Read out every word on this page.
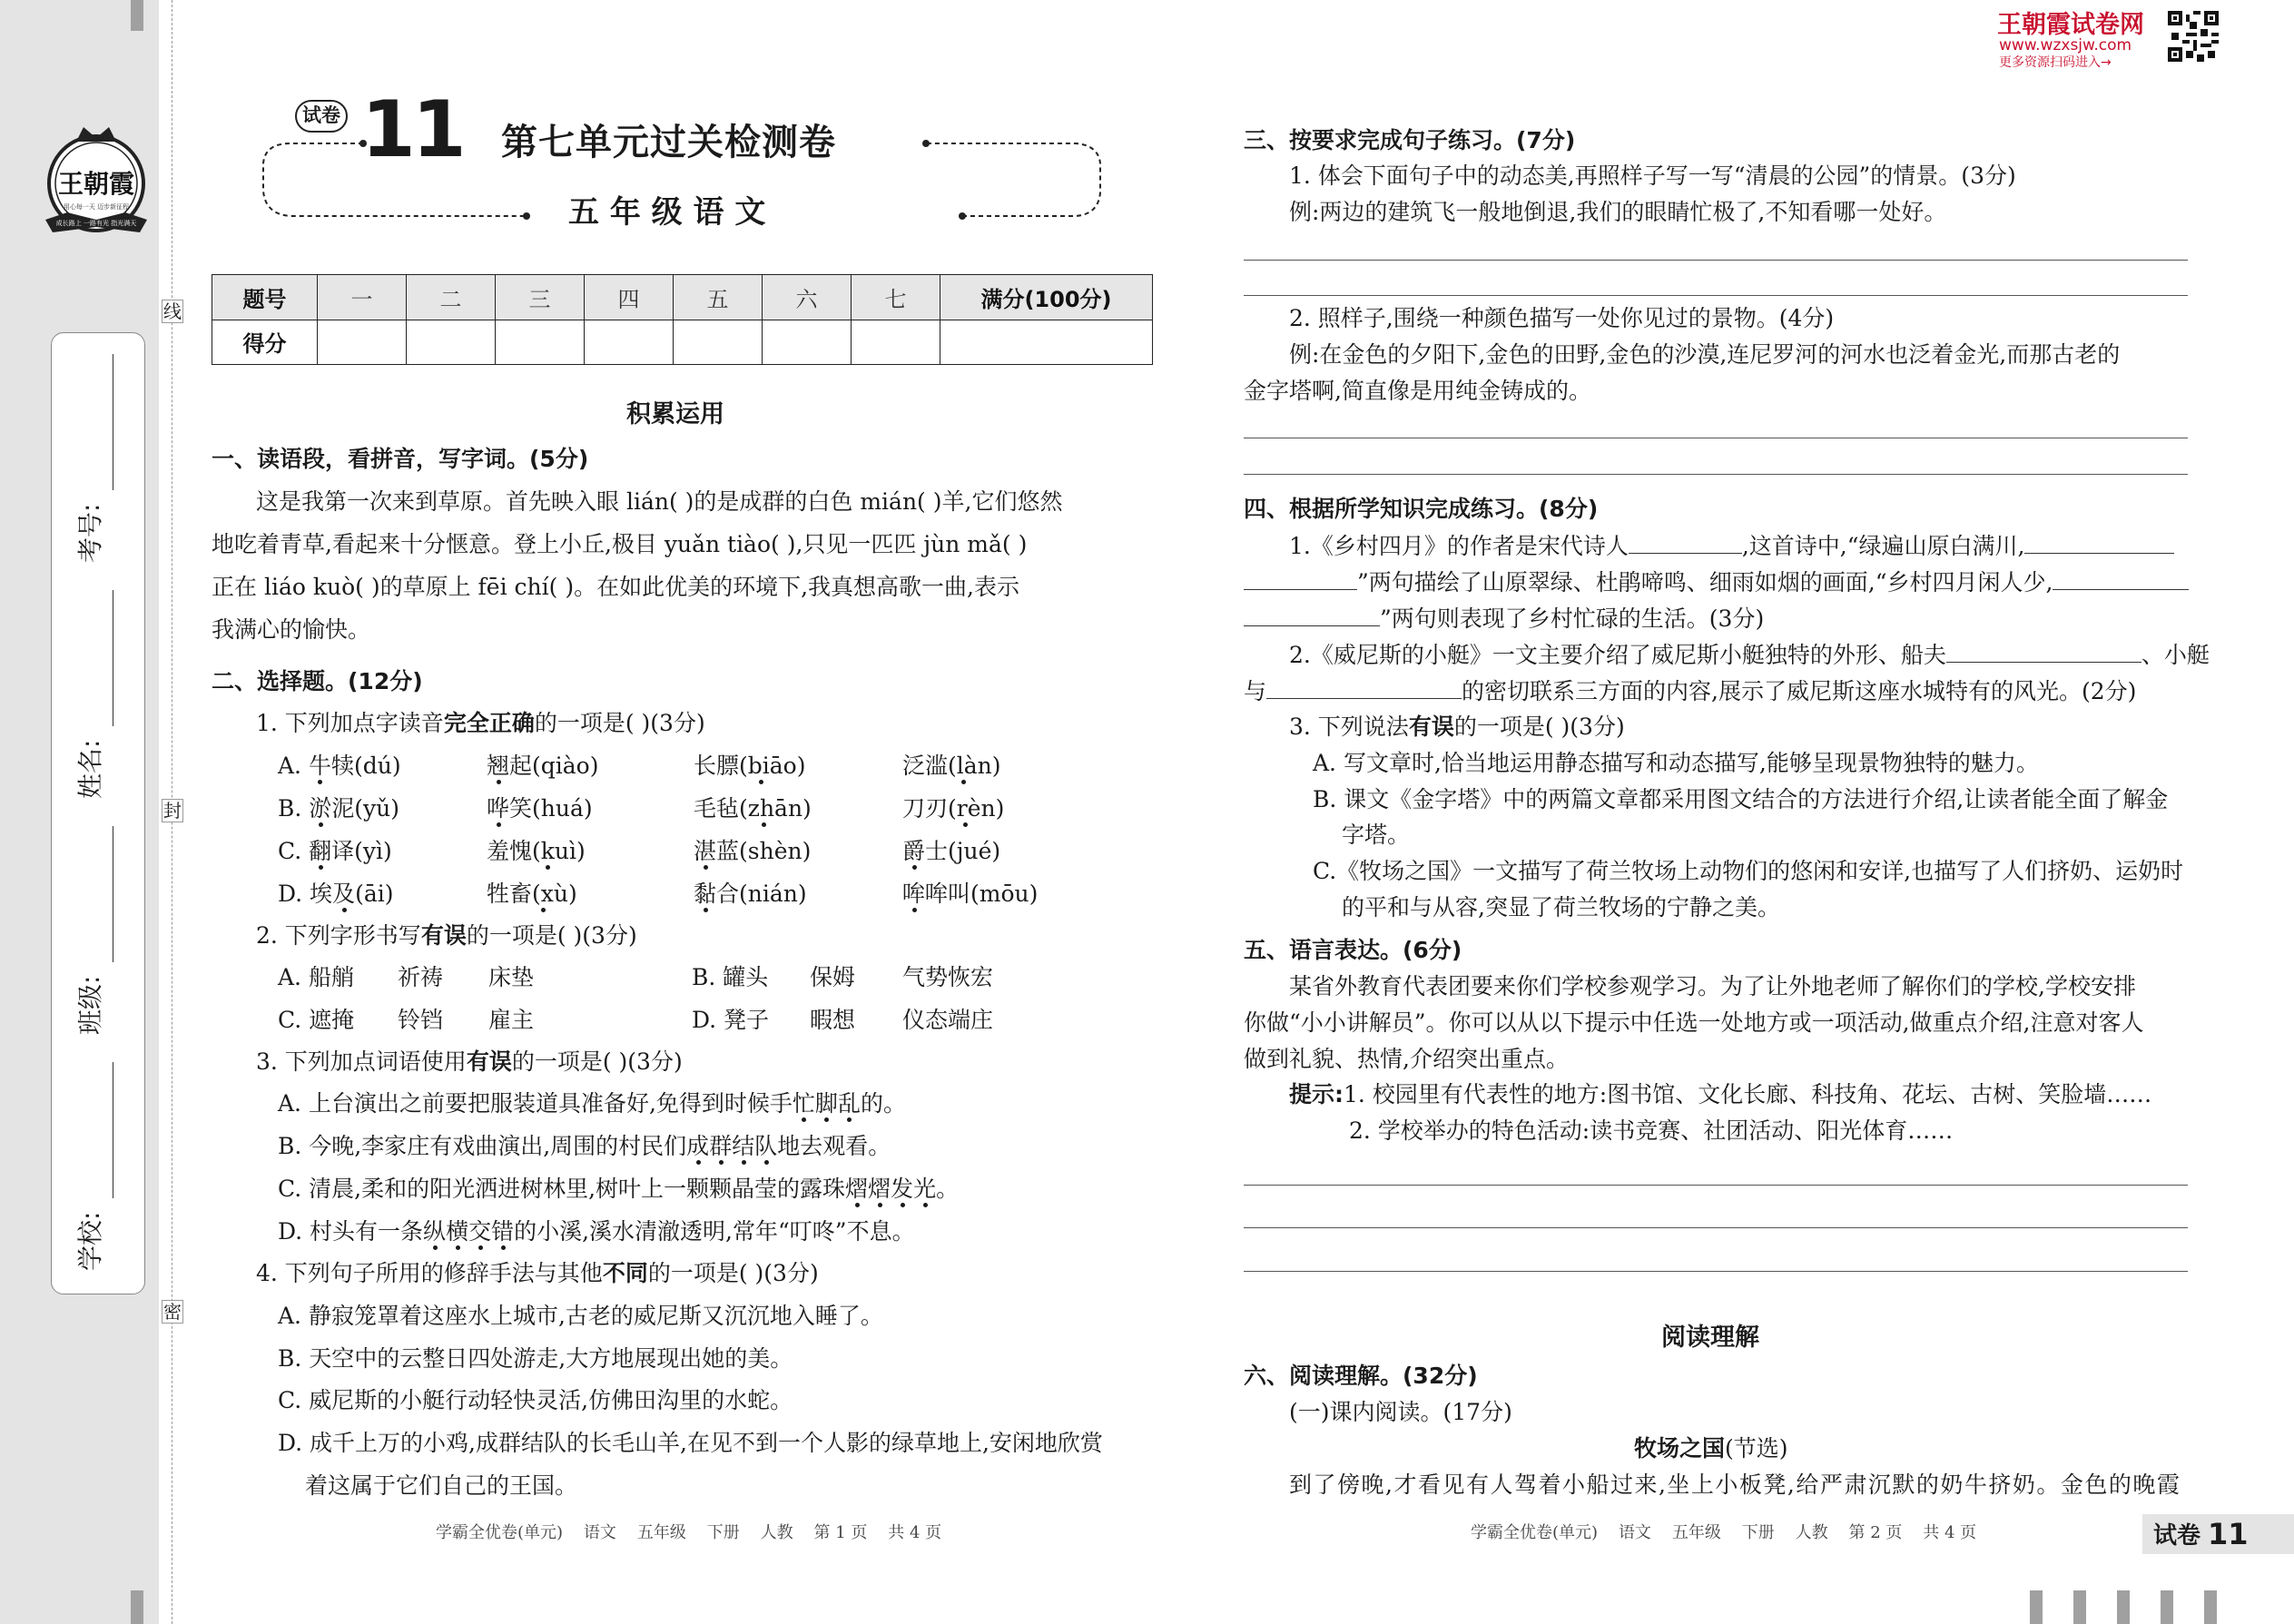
线
封
密
学校:
班级:
姓名:
考号:
王朝霞
用心每一天 迈步新征程
成长路上 一路有光 指光满天
王朝霞试卷网
www.wzxsjw.com
更多资源扫码进入→
试卷 11 第七单元过关检测卷
五 年 级 语 文
题号	一	二	三	四	五	六	七	满分(100分)
得分								
积累运用
一、读语段，看拼音，写字词。(5分)
这是我第一次来到草原。首先映入眼 lián( )的是成群的白色 mián( )羊,它们悠然
地吃着青草,看起来十分惬意。登上小丘,极目 yuǎn tiào( ),只见一匹匹 jùn mǎ( )
正在 liáo kuò( )的草原上 fēi chí( )。在如此优美的环境下,我真想高歌一曲,表示
我满心的愉快。
二、选择题。(12分)
1. 下列加点字读音完全正确的一项是( )(3分)
A. 牛犊(dú)	翘起(qiào)	长膘(biāo)	泛滥(làn)
B. 淤泥(yǔ)	哗笑(huá)	毛毡(zhān)	刀刃(rèn)
C. 翻译(yì)	羞愧(kuì)	湛蓝(shèn)	爵士(jué)
D. 埃及(āi)	牲畜(xù)	黏合(nián)	哞哞叫(mōu)
2. 下列字形书写有误的一项是( )(3分)
A. 船艄 祈祷 床垫	B. 罐头 保姆 气势恢宏
C. 遮掩 铃铛 雇主	D. 凳子 暇想 仪态端庄
3. 下列加点词语使用有误的一项是( )(3分)
A. 上台演出之前要把服装道具准备好,免得到时候手忙脚乱的。
B. 今晚,李家庄有戏曲演出,周围的村民们成群结队地去观看。
C. 清晨,柔和的阳光洒进树林里,树叶上一颗颗晶莹的露珠熠熠发光。
D. 村头有一条纵横交错的小溪,溪水清澈透明,常年“叮咚”不息。
4. 下列句子所用的修辞手法与其他不同的一项是( )(3分)
A. 静寂笼罩着这座水上城市,古老的威尼斯又沉沉地入睡了。
B. 天空中的云整日四处游走,大方地展现出她的美。
C. 威尼斯的小艇行动轻快灵活,仿佛田沟里的水蛇。
D. 成千上万的小鸡,成群结队的长毛山羊,在见不到一个人影的绿草地上,安闲地欣赏
着这属于它们自己的王国。
学霸全优卷(单元)    语文    五年级    下册    人教    第 1 页    共 4 页
三、按要求完成句子练习。(7分)
1. 体会下面句子中的动态美,再照样子写一写“清晨的公园”的情景。(3分)
例:两边的建筑飞一般地倒退,我们的眼睛忙极了,不知看哪一处好。
2. 照样子,围绕一种颜色描写一处你见过的景物。(4分)
例:在金色的夕阳下,金色的田野,金色的沙漠,连尼罗河的河水也泛着金光,而那古老的
金字塔啊,简直像是用纯金铸成的。
四、根据所学知识完成练习。(8分)
1.《乡村四月》的作者是宋代诗人	,这首诗中,“绿遍山原白满川,
”两句描绘了山原翠绿、杜鹃啼鸣、细雨如烟的画面,“乡村四月闲人少,
”两句则表现了乡村忙碌的生活。(3分)
2.《威尼斯的小艇》一文主要介绍了威尼斯小艇独特的外形、船夫	、小艇
与	的密切联系三方面的内容,展示了威尼斯这座水城特有的风光。(2分)
3. 下列说法有误的一项是( )(3分)
A. 写文章时,恰当地运用静态描写和动态描写,能够呈现景物独特的魅力。
B. 课文《金字塔》中的两篇文章都采用图文结合的方法进行介绍,让读者能全面了解金
字塔。
C.《牧场之国》一文描写了荷兰牧场上动物们的悠闲和安详,也描写了人们挤奶、运奶时
的平和与从容,突显了荷兰牧场的宁静之美。
五、语言表达。(6分)
某省外教育代表团要来你们学校参观学习。为了让外地老师了解你们的学校,学校安排
你做“小小讲解员”。你可以从以下提示中任选一处地方或一项活动,做重点介绍,注意对客人
做到礼貌、热情,介绍突出重点。
提示:1. 校园里有代表性的地方:图书馆、文化长廊、科技角、花坛、古树、笑脸墙……
2. 学校举办的特色活动:读书竞赛、社团活动、阳光体育……
阅读理解
六、阅读理解。(32分)
(一)课内阅读。(17分)
牧场之国(节选)
到了傍晚,才看见有人驾着小船过来,坐上小板凳,给严肃沉默的奶牛挤奶。金色的晚霞
学霸全优卷(单元)    语文    五年级    下册    人教    第 2 页    共 4 页	试卷 11
